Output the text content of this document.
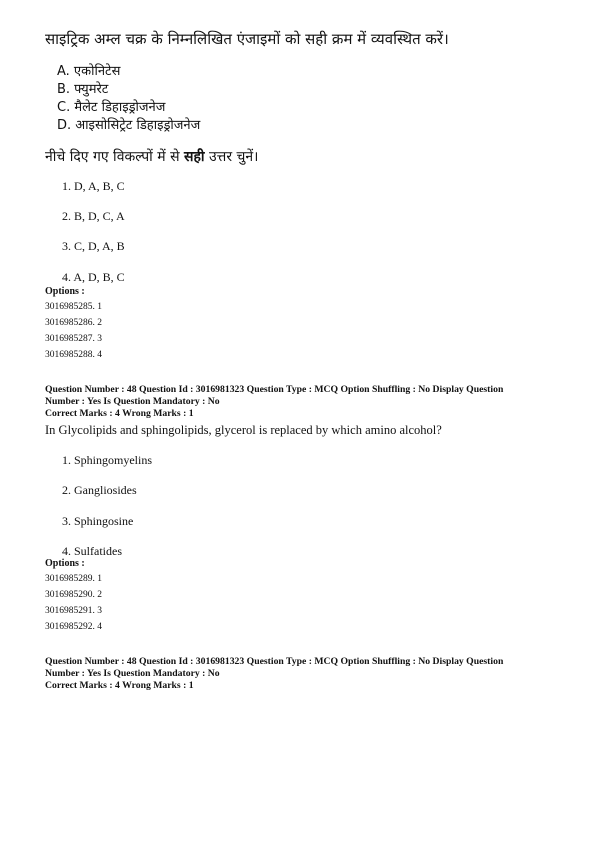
साइट्रिक अम्ल चक्र के निम्नलिखित एंजाइमों को सही क्रम में व्यवस्थित करें।
A. एकोनिटेस
B. फ्युमरेट
C. मैलेट डिहाइड्रोजनेज
D. आइसोसिट्रेट डिहाइड्रोजनेज
नीचे दिए गए विकल्पों में से सही उत्तर चुनें।
1. D, A, B, C
2. B, D, C, A
3. C, D, A, B
4. A, D, B, C
Options :
3016985285. 1
3016985286. 2
3016985287. 3
3016985288. 4
Question Number : 48 Question Id : 3016981323 Question Type : MCQ Option Shuffling : No Display Question
Number : Yes Is Question Mandatory : No
Correct Marks : 4 Wrong Marks : 1
In Glycolipids and sphingolipids, glycerol is replaced by which amino alcohol?
1. Sphingomyelins
2. Gangliosides
3. Sphingosine
4. Sulfatides
Options :
3016985289. 1
3016985290. 2
3016985291. 3
3016985292. 4
Question Number : 48 Question Id : 3016981323 Question Type : MCQ Option Shuffling : No Display Question
Number : Yes Is Question Mandatory : No
Correct Marks : 4 Wrong Marks : 1
